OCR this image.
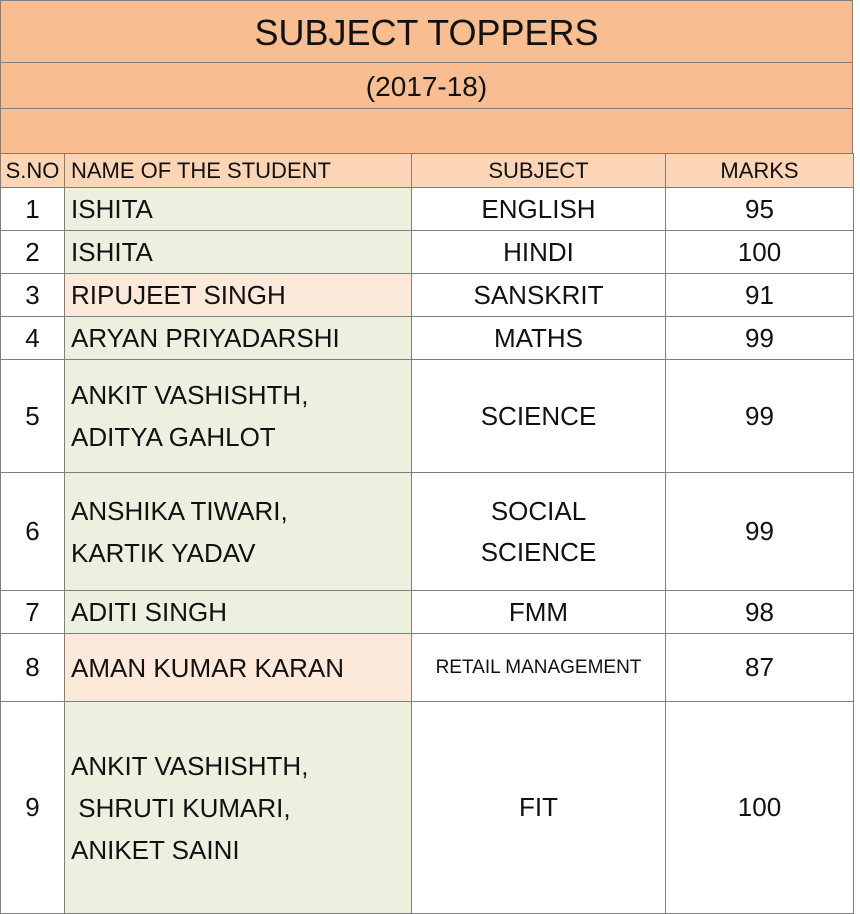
SUBJECT TOPPERS
(2017-18)
S.NO	NAME OF THE STUDENT	SUBJECT	MARKS
1	ISHITA	ENGLISH	95
2	ISHITA	HINDI	100
3	RIPUJEET SINGH	SANSKRIT	91
4	ARYAN PRIYADARSHI	MATHS	99
5	ANKIT VASHISHTH,
ADITYA GAHLOT	SCIENCE	99
6	ANSHIKA TIWARI,
KARTIK YADAV	SOCIAL
SCIENCE	99
7	ADITI SINGH	FMM	98
8	AMAN KUMAR KARAN	RETAIL MANAGEMENT	87
9	ANKIT VASHISHTH,
SHRUTI KUMARI,
ANIKET SAINI	FIT	100
